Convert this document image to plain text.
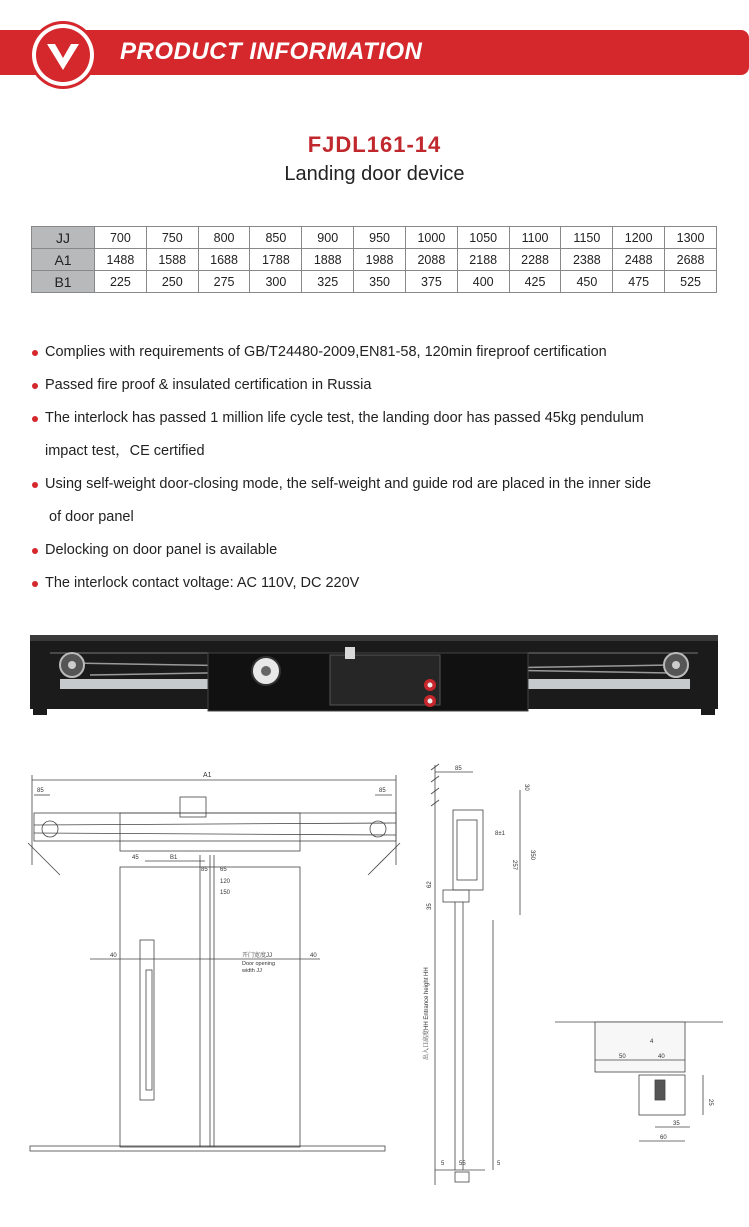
PRODUCT INFORMATION
FJDL161-14
Landing door device
JJ	700	750	800	850	900	950	1000	1050	1100	1150	1200	1300
A1	1488	1588	1688	1788	1888	1988	2088	2188	2288	2388	2488	2688
B1	225	250	275	300	325	350	375	400	425	450	475	525
Complies with requirements of GB/T24480-2009,EN81-58, 120min fireproof certification
Passed fire proof & insulated certification in Russia
The interlock has passed 1 million life cycle test, the landing door has passed 45kg pendulum
impact test，CE certified
Using self-weight door-closing mode, the self-weight and guide rod are placed in the inner side
of door panel
Delocking on door panel is available
The interlock contact voltage: AC 110V, DC 220V
A1
85	85
45	B1
85 65
120
150
40	40
开门宽度JJ
Door opening
width JJ
85
30
8±1
350
257
62
35
出入口高度HH Entrance height HH
5 55	5
4
50	40
25
35
60
